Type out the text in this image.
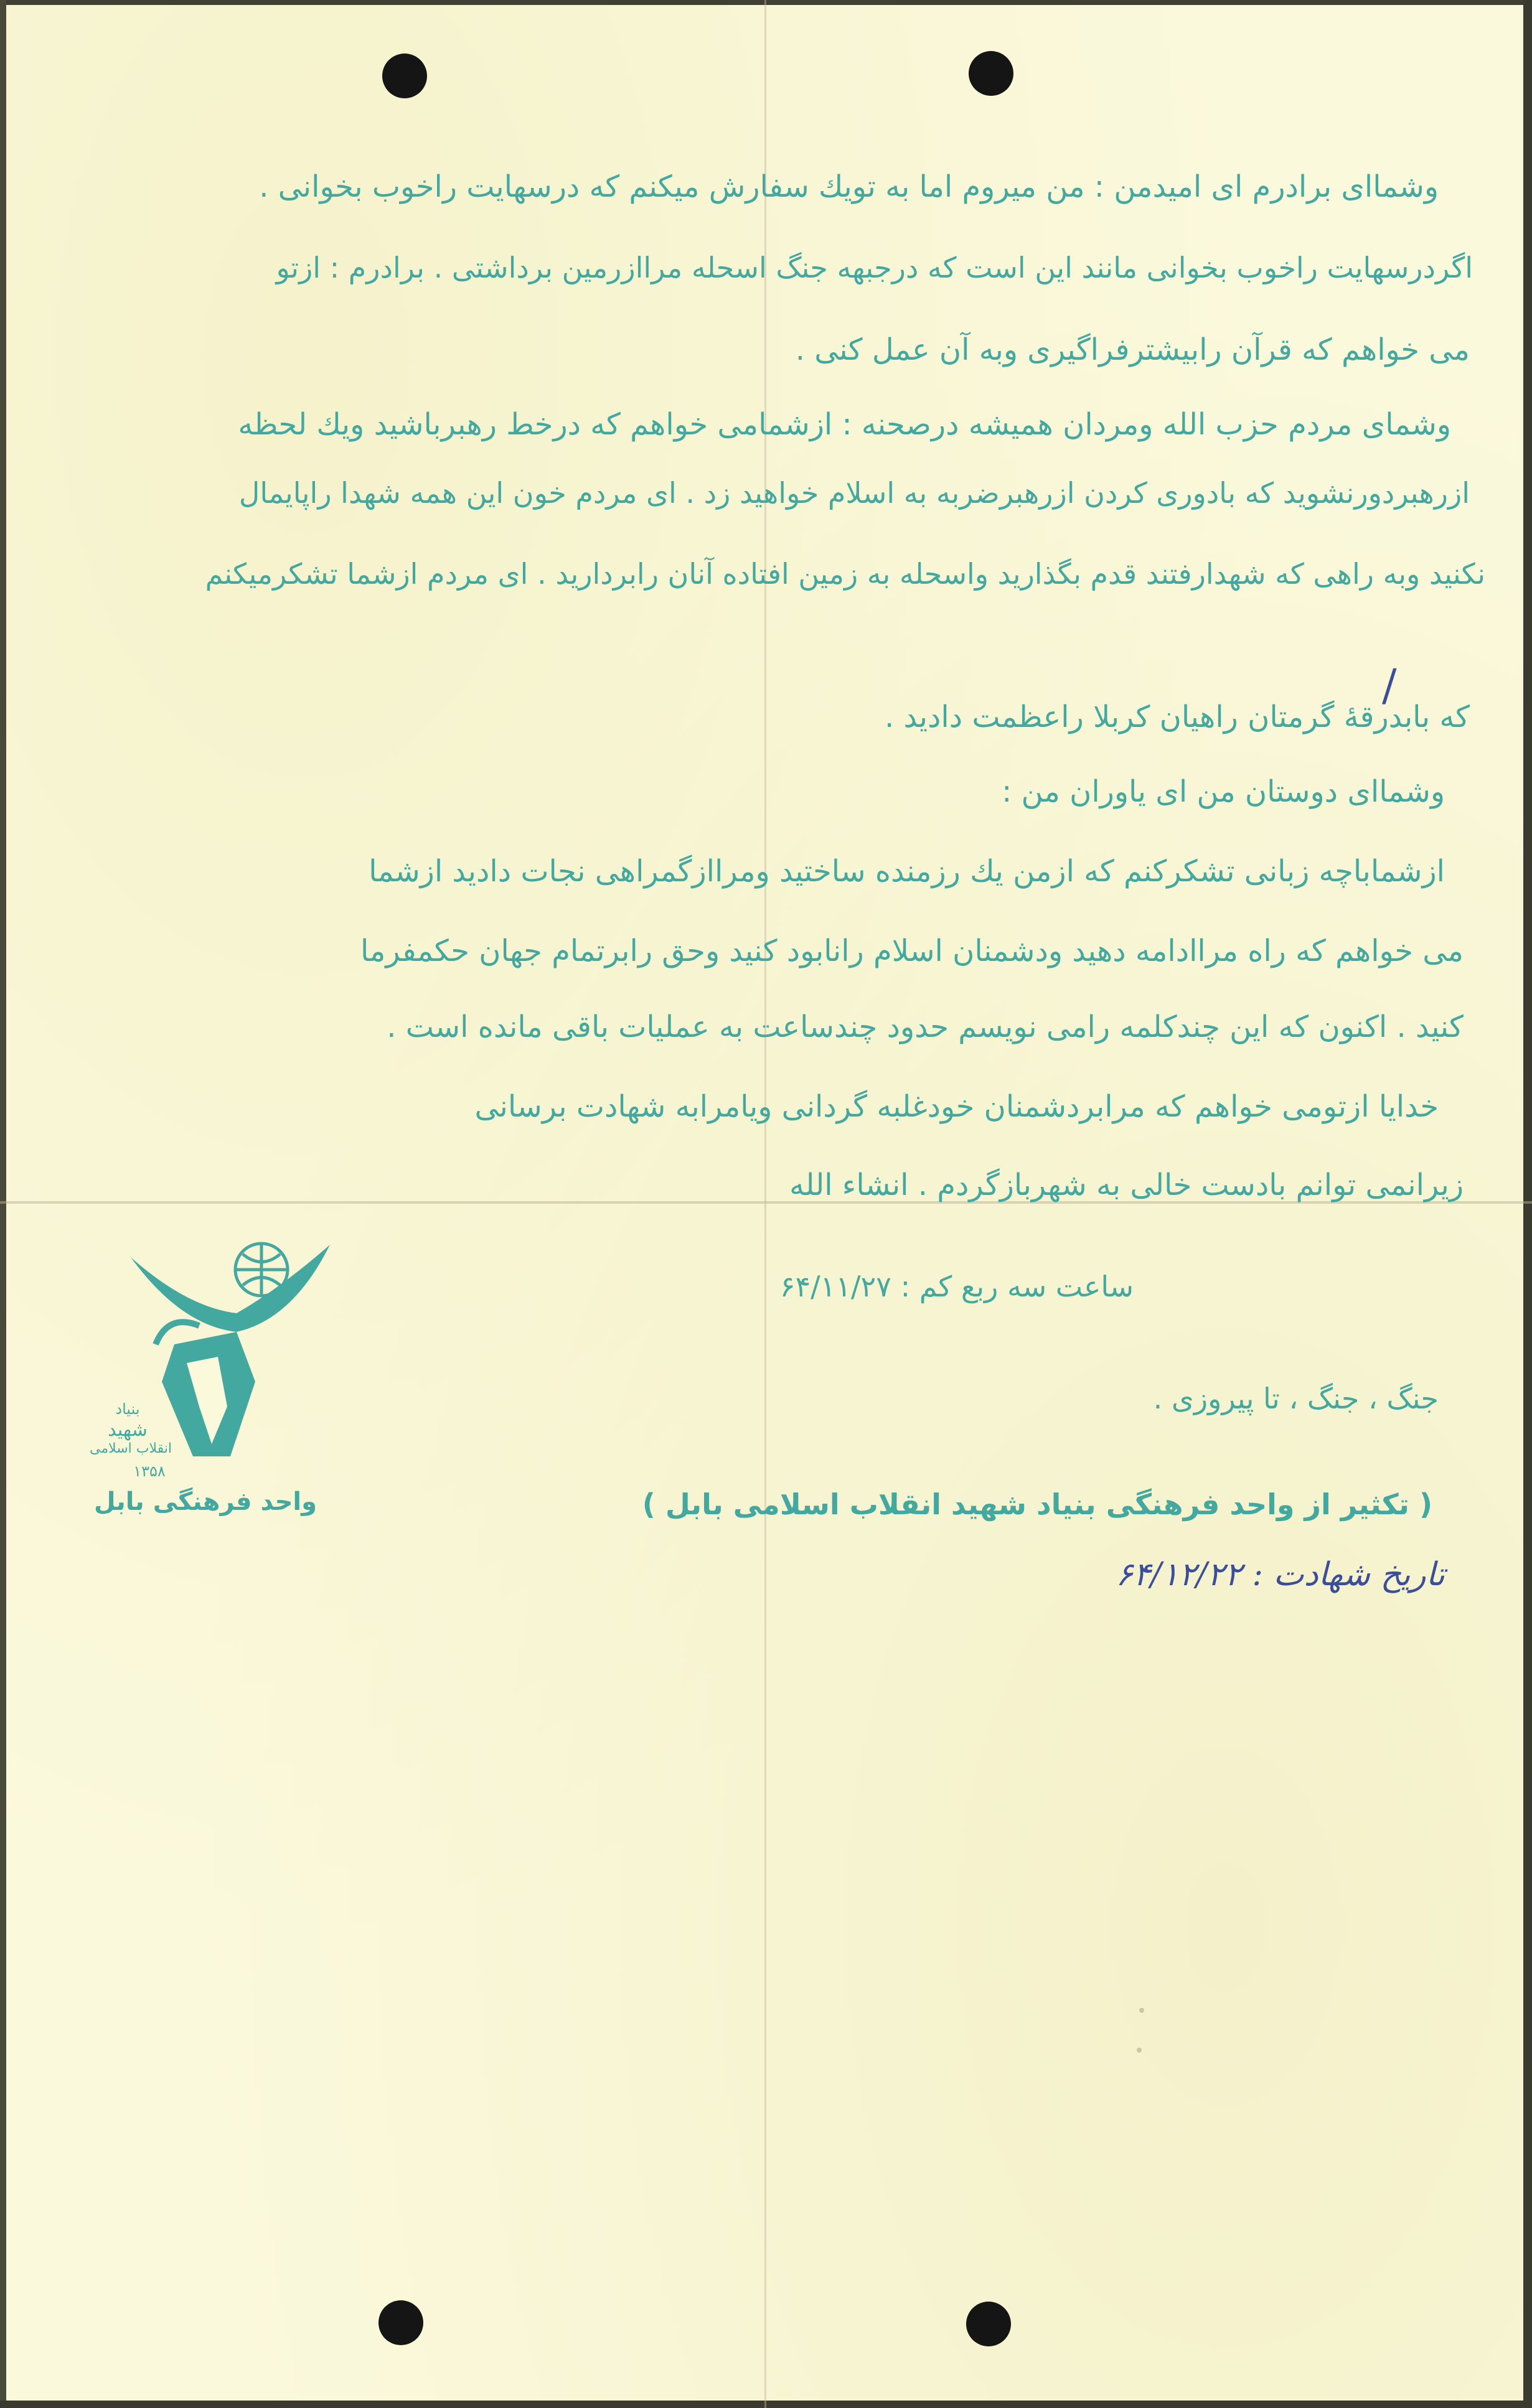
وشمااى برادرم اى اميدمن : من ميروم اما به تويك سفارش ميكنم كه درسهايت راخوب بخوانى .
اگردرسهايت راخوب بخوانى مانند اين است كه درجبهه جنگ اسحله مراازرمين برداشتى . برادرم : ازتو
مى خواهم كه قرآن رابيشترفراگيرى وبه آن عمل كنى .
وشماى مردم حزب الله ومردان هميشه درصحنه : ازشمامى خواهم كه درخط رهبرباشيد ويك لحظه
ازرهبردورنشويد كه بادورى كردن ازرهبرضربه به اسلام خواهيد زد . اى مردم خون اين همه شهدا راپايمال
نكنيد وبه راهى كه شهدارفتند قدم بگذاريد واسحله به زمين افتاده آنان رابرداريد . اى مردم ازشما تشكرميكنم
كه بابدرقهٔ گرمتان راهيان كربلا راعظمت داديد .
وشمااى دوستان من اى ياوران من :
ازشماباچه زبانى تشكركنم كه ازمن يك رزمنده ساختيد ومراازگمراهى نجات داديد ازشما
مى خواهم كه راه مراادامه دهيد ودشمنان اسلام رانابود كنيد وحق رابرتمام جهان حكمفرما
كنيد . اكنون كه اين چندكلمه رامى نويسم حدود چندساعت به عمليات باقى مانده است .
خدايا ازتومى خواهم كه مرابردشمنان خودغلبه گردانى ويامرابه شهادت برسانى
زيرانمى توانم بادست خالى به شهربازگردم . انشاء الله
/
بنیاد
شهید
انقلاب اسلامی
۱۳۵۸
واحد فرهنگی بابل
ساعت سه ربع کم : ۶۴/۱۱/۲۷
جنگ ، جنگ ، تا پیروزی .
( تکثیر از واحد فرهنگی بنیاد شهید انقلاب اسلامی بابل )
تاریخ شهادت : ۶۴/۱۲/۲۲
